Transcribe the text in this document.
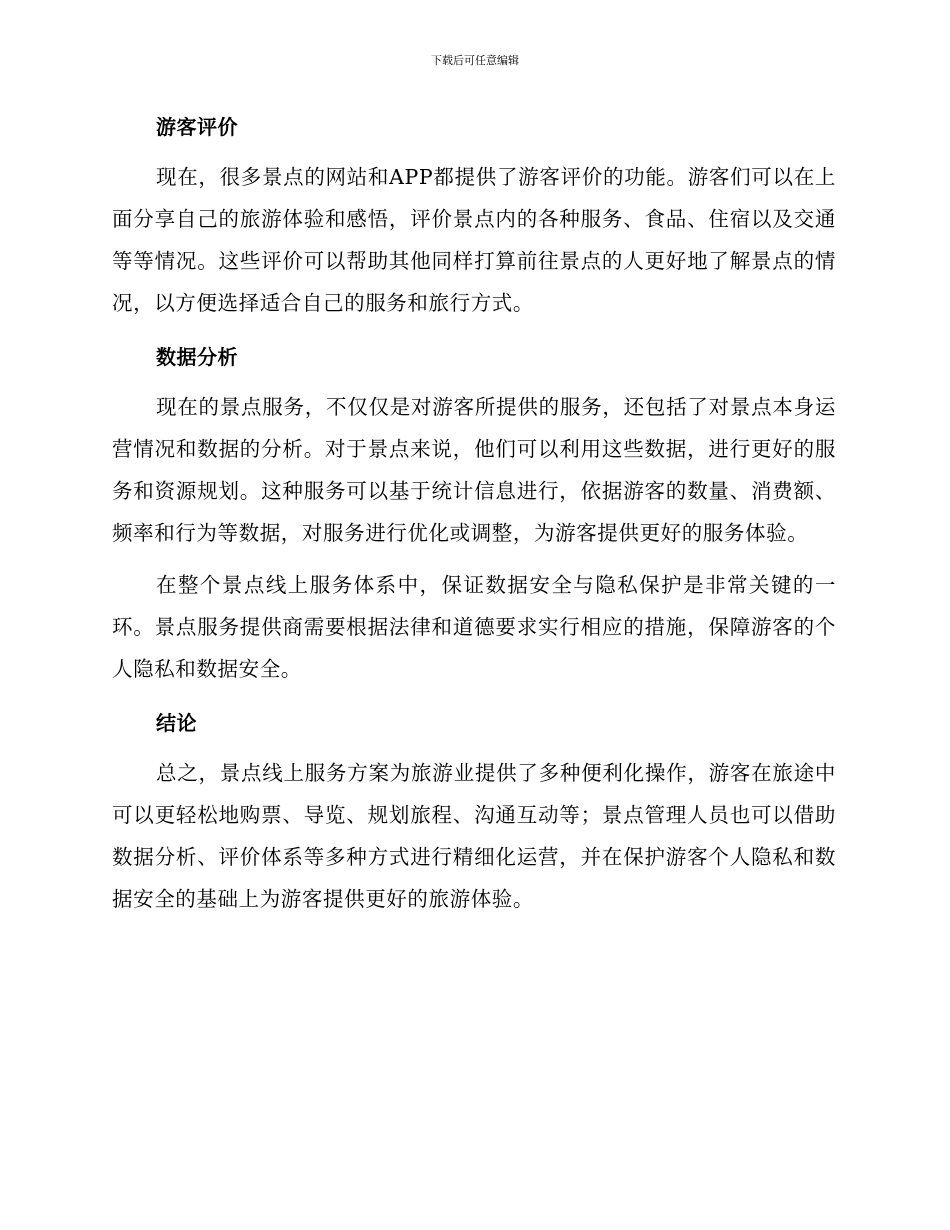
下载后可任意编辑
游客评价

现在，很多景点的网站和APP都提供了游客评价的功能。游客们可以在上面分享自己的旅游体验和感悟，评价景点内的各种服务、食品、住宿以及交通等等情况。这些评价可以帮助其他同样打算前往景点的人更好地了解景点的情况，以方便选择适合自己的服务和旅行方式。

数据分析

现在的景点服务，不仅仅是对游客所提供的服务，还包括了对景点本身运营情况和数据的分析。对于景点来说，他们可以利用这些数据，进行更好的服务和资源规划。这种服务可以基于统计信息进行，依据游客的数量、消费额、频率和行为等数据，对服务进行优化或调整，为游客提供更好的服务体验。

在整个景点线上服务体系中，保证数据安全与隐私保护是非常关键的一环。景点服务提供商需要根据法律和道德要求实行相应的措施，保障游客的个人隐私和数据安全。

结论

总之，景点线上服务方案为旅游业提供了多种便利化操作，游客在旅途中可以更轻松地购票、导览、规划旅程、沟通互动等；景点管理人员也可以借助数据分析、评价体系等多种方式进行精细化运营，并在保护游客个人隐私和数据安全的基础上为游客提供更好的旅游体验。
